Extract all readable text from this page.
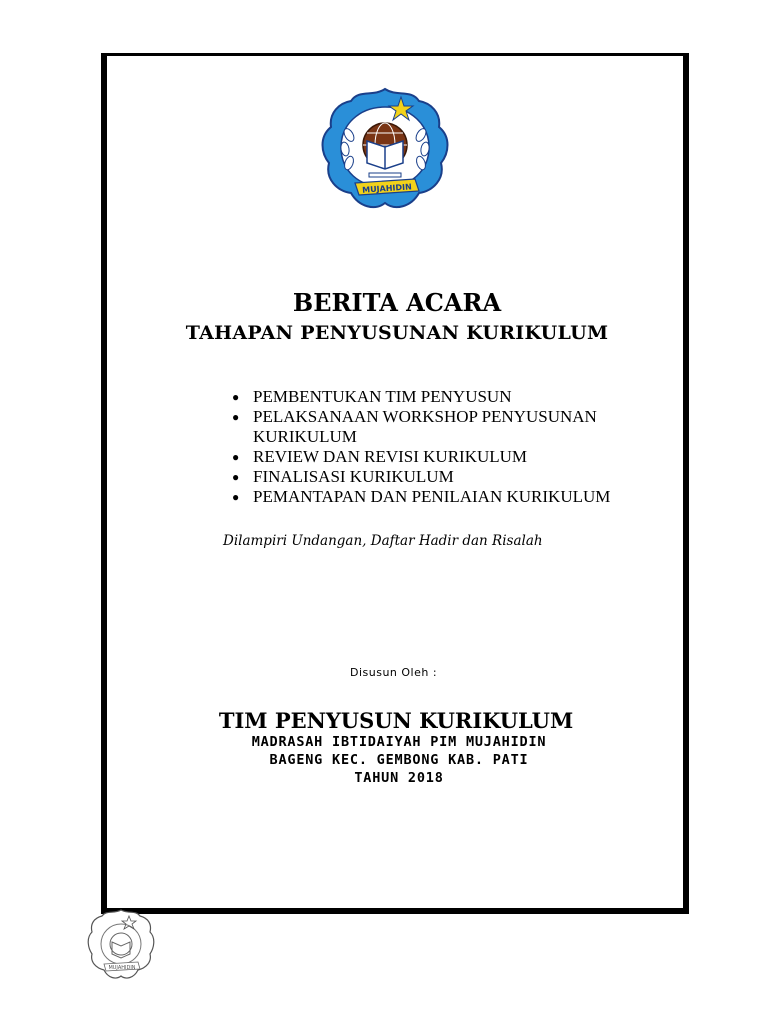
MUJAHIDIN
BERITA ACARA
TAHAPAN PENYUSUNAN KURIKULUM
● PEMBENTUKAN TIM PENYUSUN
● PELAKSANAAN WORKSHOP PENYUSUNAN KURIKULUM
● REVIEW DAN REVISI KURIKULUM
● FINALISASI KURIKULUM
● PEMANTAPAN DAN PENILAIAN KURIKULUM
Dilampiri Undangan, Daftar Hadir dan Risalah
Disusun Oleh :
TIM PENYUSUN KURIKULUM
MADRASAH IBTIDAIYAH PIM MUJAHIDIN
BAGENG KEC. GEMBONG KAB. PATI
TAHUN 2018
MUJAHIDIN
